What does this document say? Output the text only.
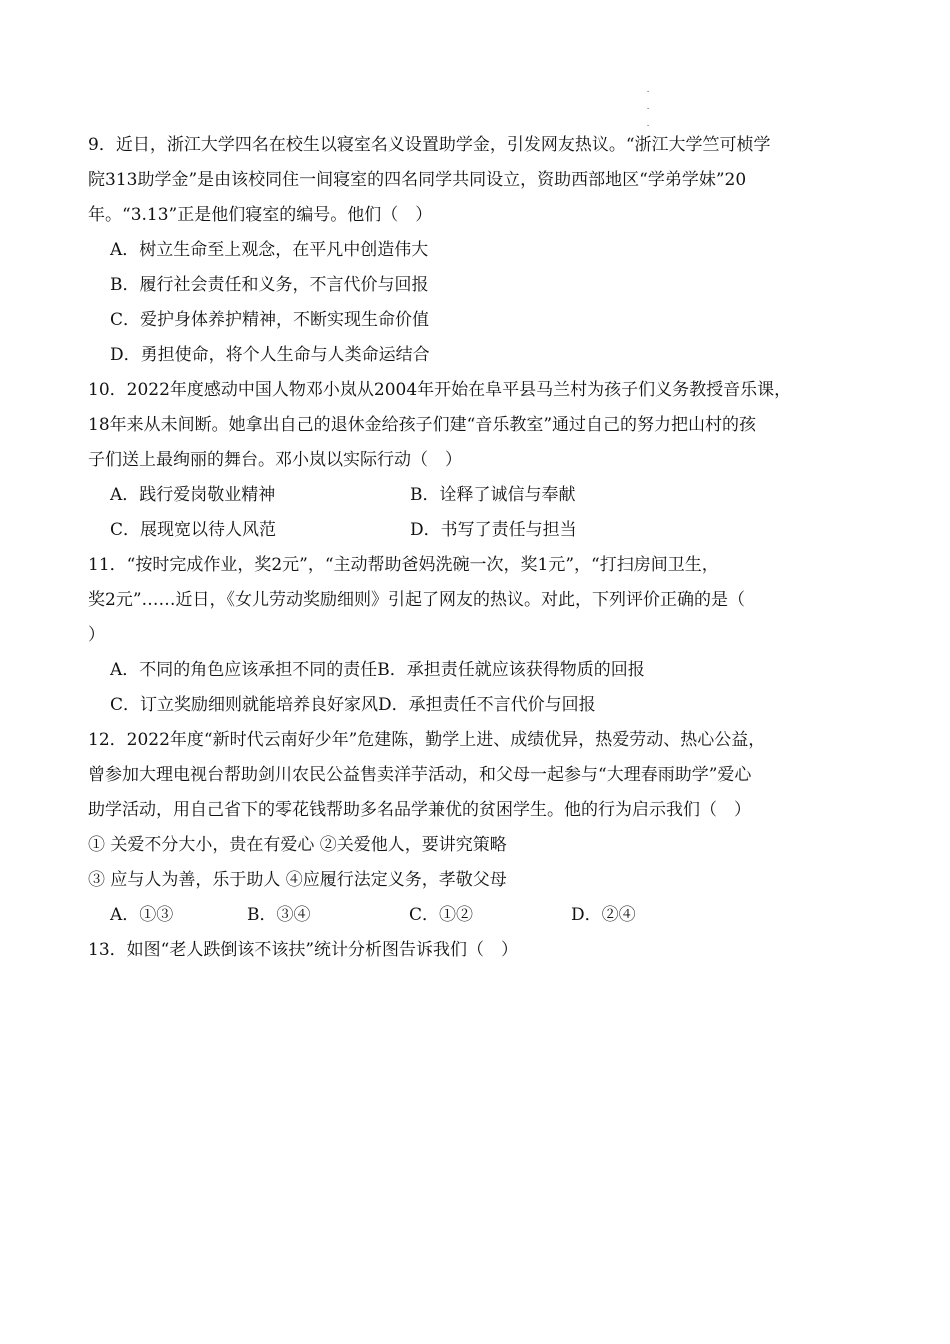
.
.
.
9．近日，浙江大学四名在校生以寝室名义设置助学金，引发网友热议。“浙江大学竺可桢学
院313助学金”是由该校同住一间寝室的四名同学共同设立，资助西部地区“学弟学妹”20
年。“3.13”正是他们寝室的编号。他们（　）
A．树立生命至上观念，在平凡中创造伟大
B．履行社会责任和义务，不言代价与回报
C．爱护身体养护精神，不断实现生命价值
D．勇担使命，将个人生命与人类命运结合
10．2022年度感动中国人物邓小岚从2004年开始在阜平县马兰村为孩子们义务教授音乐课，
18年来从未间断。她拿出自己的退休金给孩子们建“音乐教室”通过自己的努力把山村的孩
子们送上最绚丽的舞台。邓小岚以实际行动（　）
A．践行爱岗敬业精神	B．诠释了诚信与奉献
C．展现宽以待人风范	D．书写了责任与担当
11．“按时完成作业，奖2元”，“主动帮助爸妈洗碗一次，奖1元”，“打扫房间卫生，
奖2元”……近日，《女儿劳动奖励细则》引起了网友的热议。对此，下列评价正确的是（
）
A．不同的角色应该承担不同的责任B．承担责任就应该获得物质的回报
C．订立奖励细则就能培养良好家风D．承担责任不言代价与回报
12．2022年度“新时代云南好少年”危建陈，勤学上进、成绩优异，热爱劳动、热心公益，
曾参加大理电视台帮助剑川农民公益售卖洋芋活动，和父母一起参与“大理春雨助学”爱心
助学活动，用自己省下的零花钱帮助多名品学兼优的贫困学生。他的行为启示我们（　）
① 关爱不分大小，贵在有爱心 ②关爱他人，要讲究策略
③ 应与人为善，乐于助人 ④应履行法定义务，孝敬父母
A．①③	B．③④	C．①②	D．②④
13．如图“老人跌倒该不该扶”统计分析图告诉我们（　）
